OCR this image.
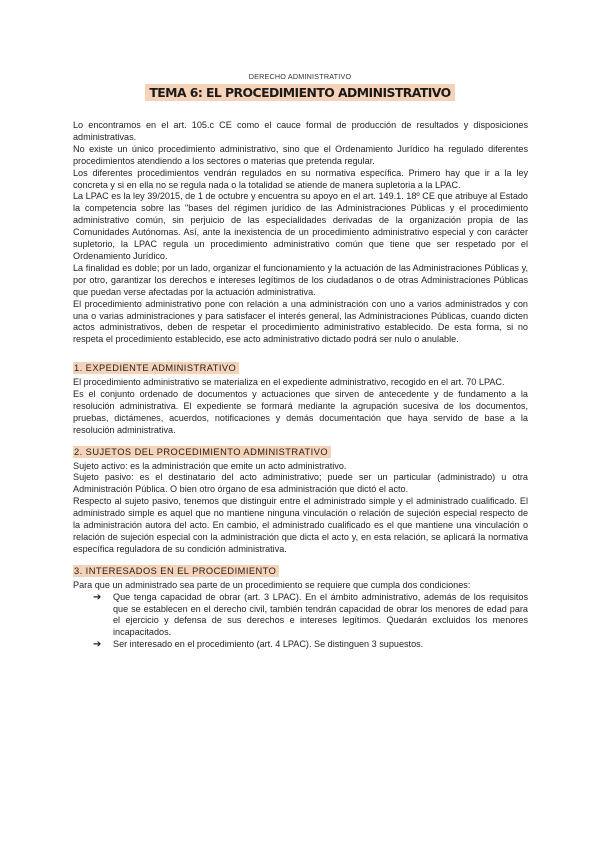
DERECHO ADMINISTRATIVO
TEMA 6: EL PROCEDIMIENTO ADMINISTRATIVO

Lo encontramos en el art. 105.c CE como el cauce formal de producción de resultados y disposiciones administrativas.

No existe un único procedimiento administrativo, sino que el Ordenamiento Jurídico ha regulado diferentes procedimientos atendiendo a los sectores o materias que pretenda regular.

Los diferentes procedimientos vendrán regulados en su normativa específica. Primero hay que ir a la ley concreta y si en ella no se regula nada o la totalidad se atiende de manera supletoria a la LPAC.

La LPAC es la ley 39/2015, de 1 de octubre y encuentra su apoyo en el art. 149.1. 18º CE que atribuye al Estado la competencia sobre las "bases del régimen jurídico de las Administraciones Públicas y el procedimiento administrativo común, sin perjuicio de las especialidades derivadas de la organización propia de las Comunidades Autónomas. Así, ante la inexistencia de un procedimiento administrativo especial y con carácter supletorio, la LPAC regula un procedimiento administrativo común que tiene que ser respetado por el Ordenamiento Jurídico.

La finalidad es doble; por un lado, organizar el funcionamiento y la actuación de las Administraciones Públicas y, por otro, garantizar los derechos e intereses legítimos de los ciudadanos o de otras Administraciones Públicas que puedan verse afectadas por la actuación administrativa.

El procedimiento administrativo pone con relación a una administración con uno a varios administrados y con una o varias administraciones y para satisfacer el interés general, las Administraciones Públicas, cuando dicten actos administrativos, deben de respetar el procedimiento administrativo establecido. De esta forma, si no respeta el procedimiento establecido, ese acto administrativo dictado podrá ser nulo o anulable.

1. EXPEDIENTE ADMINISTRATIVO

El procedimiento administrativo se materializa en el expediente administrativo, recogido en el art. 70 LPAC.

Es el conjunto ordenado de documentos y actuaciones que sirven de antecedente y de fundamento a la resolución administrativa. El expediente se formará mediante la agrupación sucesiva de los documentos, pruebas, dictámenes, acuerdos, notificaciones y demás documentación que haya servido de base a la resolución administrativa.

2. SUJETOS DEL PROCEDIMIENTO ADMINISTRATIVO

Sujeto activo: es la administración que emite un acto administrativo.

Sujeto pasivo: es el destinatario del acto administrativo; puede ser un particular (administrado) u otra Administración Pública. O bien otro órgano de esa administración que dictó el acto.

Respecto al sujeto pasivo, tenemos que distinguir entre el administrado simple y el administrado cualificado. El administrado simple es aquel que no mantiene ninguna vinculación o relación de sujeción especial respecto de la administración autora del acto. En cambio, el administrado cualificado es el que mantiene una vinculación o relación de sujeción especial con la administración que dicta el acto y, en esta relación, se aplicará la normativa específica reguladora de su condición administrativa.

3. INTERESADOS EN EL PROCEDIMIENTO

Para que un administrado sea parte de un procedimiento se requiere que cumpla dos condiciones:

➔ Que tenga capacidad de obrar (art. 3 LPAC). En el ámbito administrativo, además de los requisitos que se establecen en el derecho civil, también tendrán capacidad de obrar los menores de edad para el ejercicio y defensa de sus derechos e intereses legítimos. Quedarán excluidos los menores incapacitados.
➔ Ser interesado en el procedimiento (art. 4 LPAC). Se distinguen 3 supuestos.
